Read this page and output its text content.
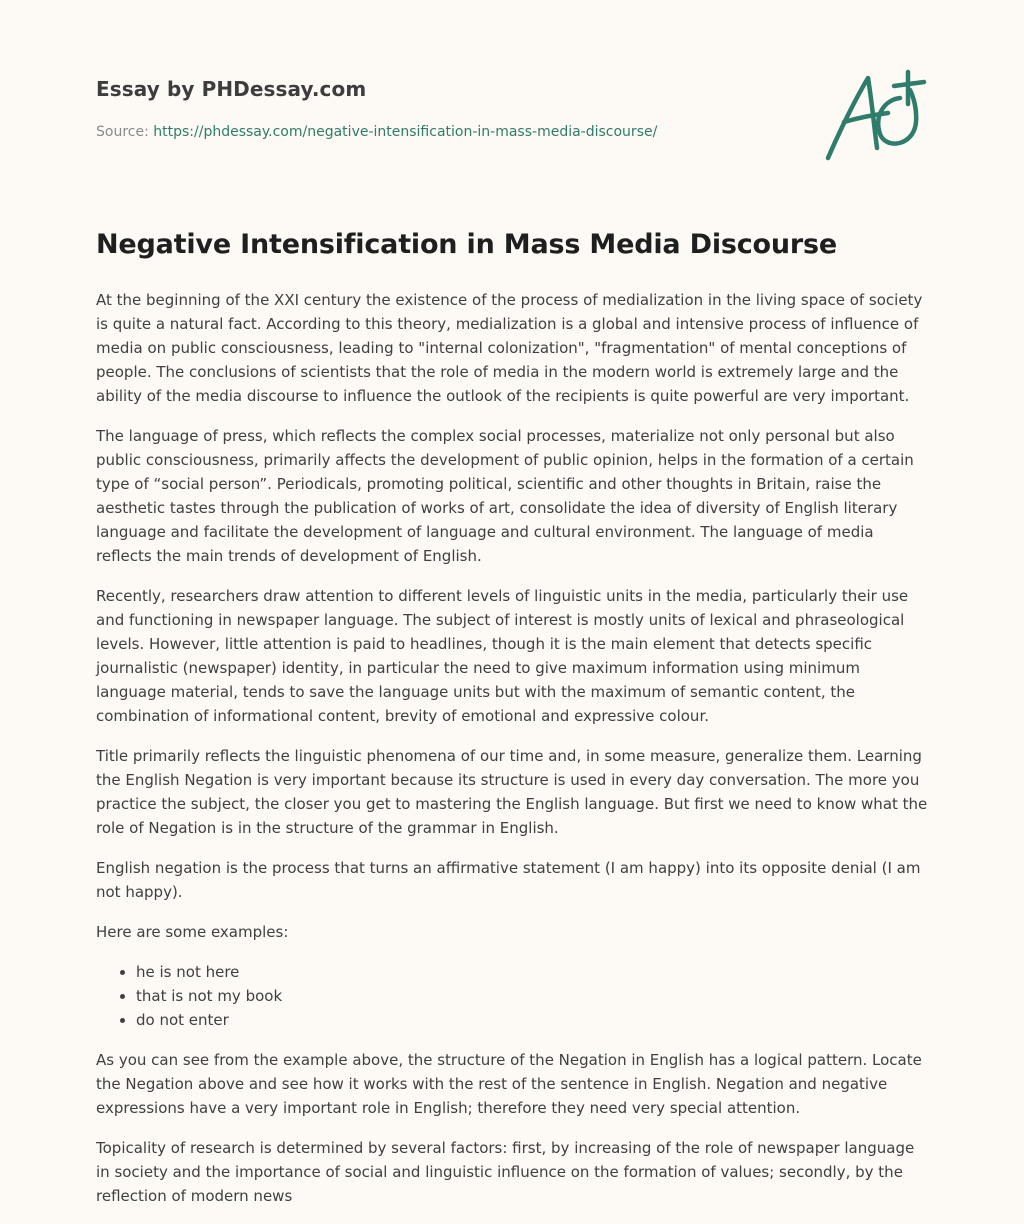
Essay by PHDessay.com
Source: https://phdessay.com/negative-intensification-in-mass-media-discourse/
Negative Intensification in Mass Media Discourse

At the beginning of the XXI century the existence of the process of medialization in the living space of society is quite a natural fact. According to this theory, medialization is a global and intensive process of influence of media on public consciousness, leading to "internal colonization", "fragmentation" of mental conceptions of people. The conclusions of scientists that the role of media in the modern world is extremely large and the ability of the media discourse to influence the outlook of the recipients is quite powerful are very important.

The language of press, which reflects the complex social processes, materialize not only personal but also public consciousness, primarily affects the development of public opinion, helps in the formation of a certain type of “social person”. Periodicals, promoting political, scientific and other thoughts in Britain, raise the aesthetic tastes through the publication of works of art, consolidate the idea of diversity of English literary language and facilitate the development of language and cultural environment. The language of media reflects the main trends of development of English.

Recently, researchers draw attention to different levels of linguistic units in the media, particularly their use and functioning in newspaper language. The subject of interest is mostly units of lexical and phraseological levels. However, little attention is paid to headlines, though it is the main element that detects specific journalistic (newspaper) identity, in particular the need to give maximum information using minimum language material, tends to save the language units but with the maximum of semantic content, the combination of informational content, brevity of emotional and expressive colour.

Title primarily reflects the linguistic phenomena of our time and, in some measure, generalize them. Learning the English Negation is very important because its structure is used in every day conversation. The more you practice the subject, the closer you get to mastering the English language. But first we need to know what the role of Negation is in the structure of the grammar in English.

English negation is the process that turns an affirmative statement (I am happy) into its opposite denial (I am not happy).

Here are some examples:

• he is not here
• that is not my book
• do not enter

As you can see from the example above, the structure of the Negation in English has a logical pattern. Locate the Negation above and see how it works with the rest of the sentence in English. Negation and negative expressions have a very important role in English; therefore they need very special attention.

Topicality of research is determined by several factors: first, by increasing of the role of newspaper language in society and the importance of social and linguistic influence on the formation of values; secondly, by the reflection of modern news
